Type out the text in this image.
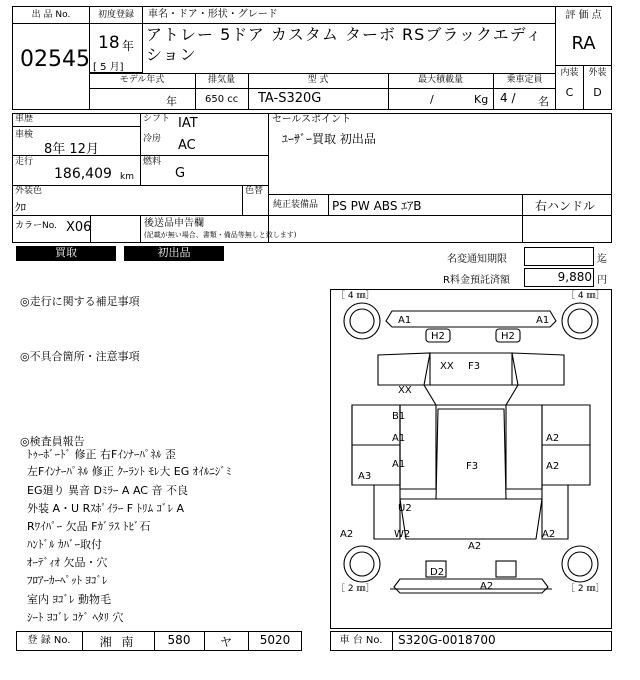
出 品 No.
02545
初度登録
18 年
[ 5 月]
車名・ドア・形状・グレード
アトレー 5ドア カスタム ターボ RSブラックエディション
評 価 点
RA
内装	外装
C	D
モデル年式	排気量	型 式	最大積載量	乗車定員
年	650 cc TA-S320G	/	Kg 4 / 名
車歴
車検
8年 12月
走行
186,409 km
シフト IAT
冷房 AC
燃料
G
セールスポイント
ﾕｰｻﾞｰ買取 初出品
外装色
ｸﾛ
色替
純正装備品 PS PW ABS ｴｱB	右ハンドル
カラーNo. X06	後送品申告欄
(記載が無い場合、書類・備品等無しと致します)
買取	初出品
名変通知期限	迄
R料金預託済額	9,880 円
◎走行に関する補足事項
◎不具合箇所・注意事項
◎検査員報告
ﾄｩｰﾎﾞｰﾄﾞ 修正 右Fｲﾝﾅｰﾊﾟﾈﾙ 歪
左Fｲﾝﾅｰﾊﾟﾈﾙ 修正 ｸｰﾗﾝﾄ ﾓﾚ大 EG ｵｲﾙﾆｼﾞﾐ
EG廻り 異音 Dﾐﾗｰ A AC 音 不良
外装 A・U Rｽﾎﾟｲﾗｰ F ﾄﾘﾑ ｺﾞﾚ A
Rﾜｲﾊﾟｰ 欠品 Fｶﾞﾗｽ ﾄﾋﾞ石
ﾊﾝﾄﾞﾙ ｶﾊﾞｰ取付
ｵｰﾃﾞｨｵ 欠品・穴
ﾌﾛｱｰｶｰﾍﾟｯﾄ ﾖｺﾞﾚ
室内 ﾖｺﾞﾚ 動物毛
ｼｰﾄ ﾖｺﾞﾚ ｺｹﾞ ﾍﾀﾘ 穴
［ 4 ㎜］	［ 4 ㎜］
［ 2 ㎜］	［ 2 ㎜］
A1	A1
H2	H2
XX F3
XX
B1
A1
A1
A3
F3
A2
A2
U2
W2
A2	A2
A2
D2
A2
登 録 No.	湘 南	580	ヤ	5020	車 台 No.	S320G-0018700
